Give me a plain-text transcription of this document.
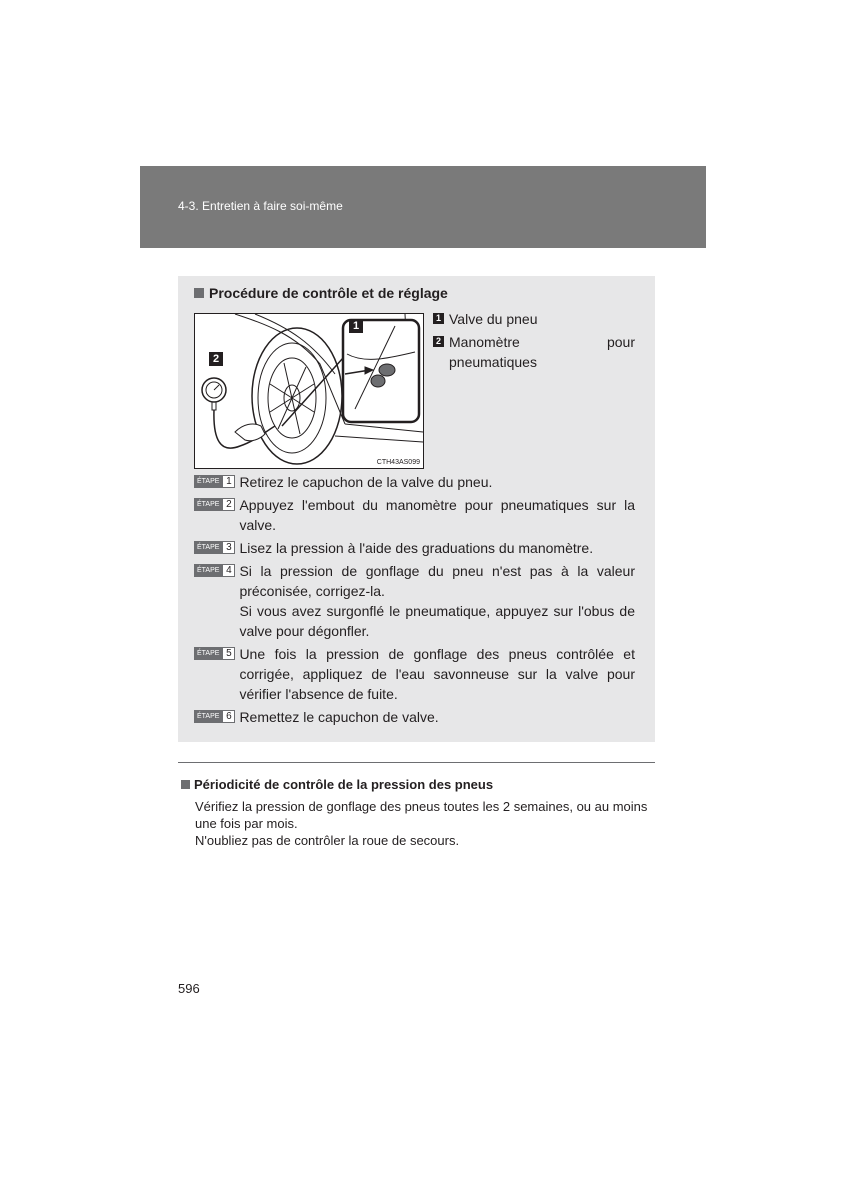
4-3. Entretien à faire soi-même
Procédure de contrôle et de réglage
1
2
CTH43AS099
1 Valve du pneu
2 Manomètre pour
pneumatiques
ÉTAPE 1 Retirez le capuchon de la valve du pneu.
ÉTAPE 2 Appuyez l'embout du manomètre pour pneumatiques sur la valve.
ÉTAPE 3 Lisez la pression à l'aide des graduations du manomètre.
ÉTAPE 4 Si la pression de gonflage du pneu n'est pas à la valeur préconisée, corrigez-la.
Si vous avez surgonflé le pneumatique, appuyez sur l'obus de valve pour dégonfler.
ÉTAPE 5 Une fois la pression de gonflage des pneus contrôlée et corrigée, appliquez de l'eau savonneuse sur la valve pour vérifier l'absence de fuite.
ÉTAPE 6 Remettez le capuchon de valve.
Périodicité de contrôle de la pression des pneus
Vérifiez la pression de gonflage des pneus toutes les 2 semaines, ou au moins une fois par mois.
N'oubliez pas de contrôler la roue de secours.
596
